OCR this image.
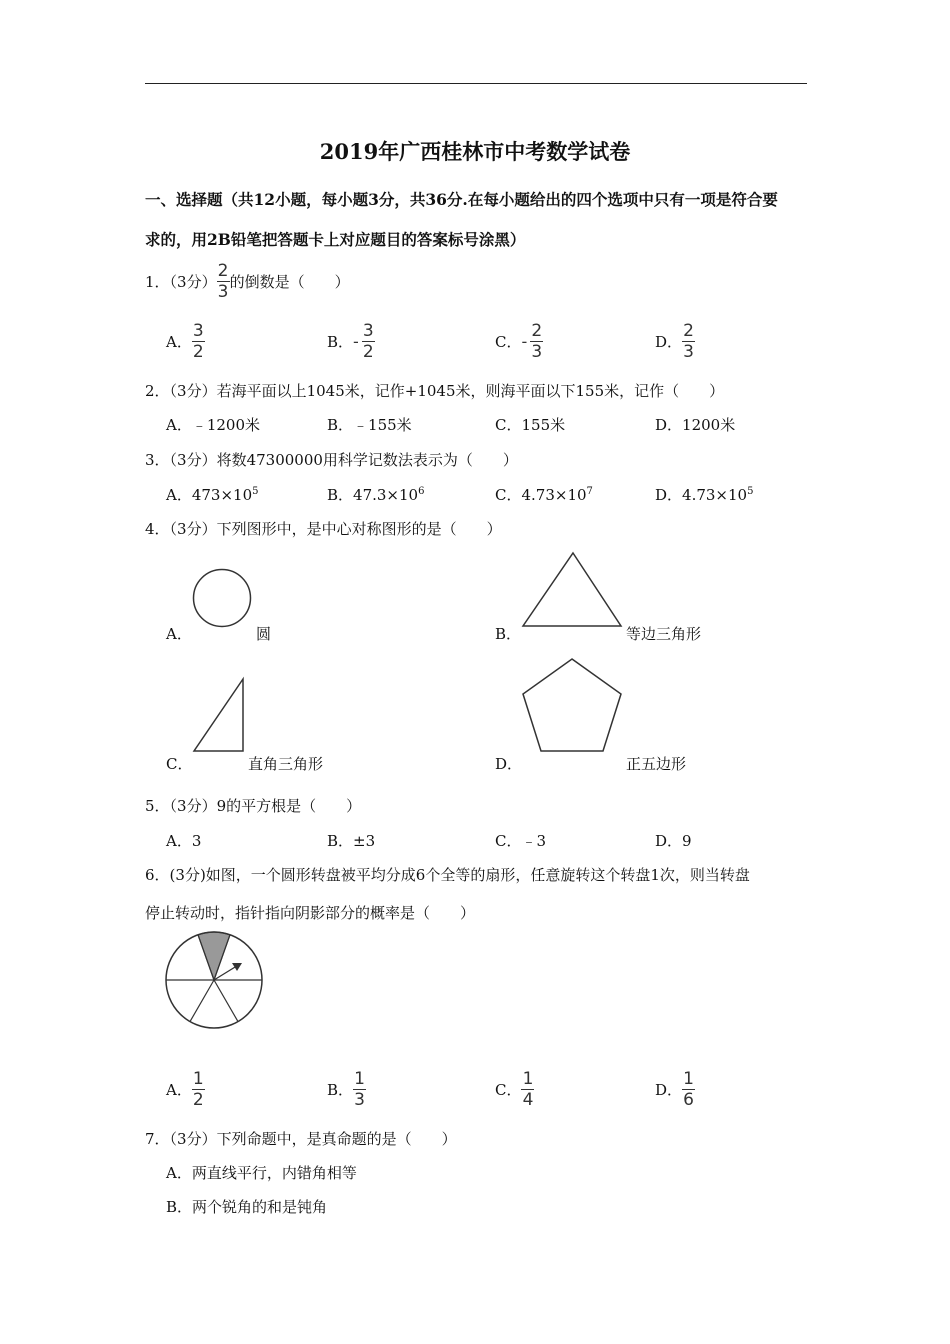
2019年广西桂林市中考数学试卷
一、选择题（共12小题，每小题3分，共36分.在每小题给出的四个选项中只有一项是符合要
求的，用2B铅笔把答题卡上对应题目的答案标号涂黑）
1．（3分） $\frac{2}{3}$ 的倒数是（　　）
A． $\frac{3}{2}$	B． - $\frac{3}{2}$	C． - $\frac{2}{3}$	D． $\frac{2}{3}$
2．（3分）若海平面以上1045米，记作+1045米，则海平面以下155米，记作（　　）
A．﹣1200米	B．﹣155米	C．155米	D．1200米
3．（3分）将数47300000用科学记数法表示为（　　）
A．$473\times 10^5$	B．$47.3\times 10^6$	C．$4.73\times 10^7$	D．$4.73\times 10^5$
4．（3分）下列图形中，是中心对称图形的是（　　）
A．	圆	B．	等边三角形
C．	直角三角形	D．	正五边形
5．（3分）9的平方根是（　　）
A．3	B．±3	C．﹣3	D．9
6．(3分)如图，一个圆形转盘被平均分成6个全等的扇形，任意旋转这个转盘1次，则当转盘
停止转动时，指针指向阴影部分的概率是（　　）
A． $\frac{1}{2}$	B． $\frac{1}{3}$	C． $\frac{1}{4}$	D． $\frac{1}{6}$
7．（3分）下列命题中，是真命题的是（　　）
A．两直线平行，内错角相等
B．两个锐角的和是钝角
